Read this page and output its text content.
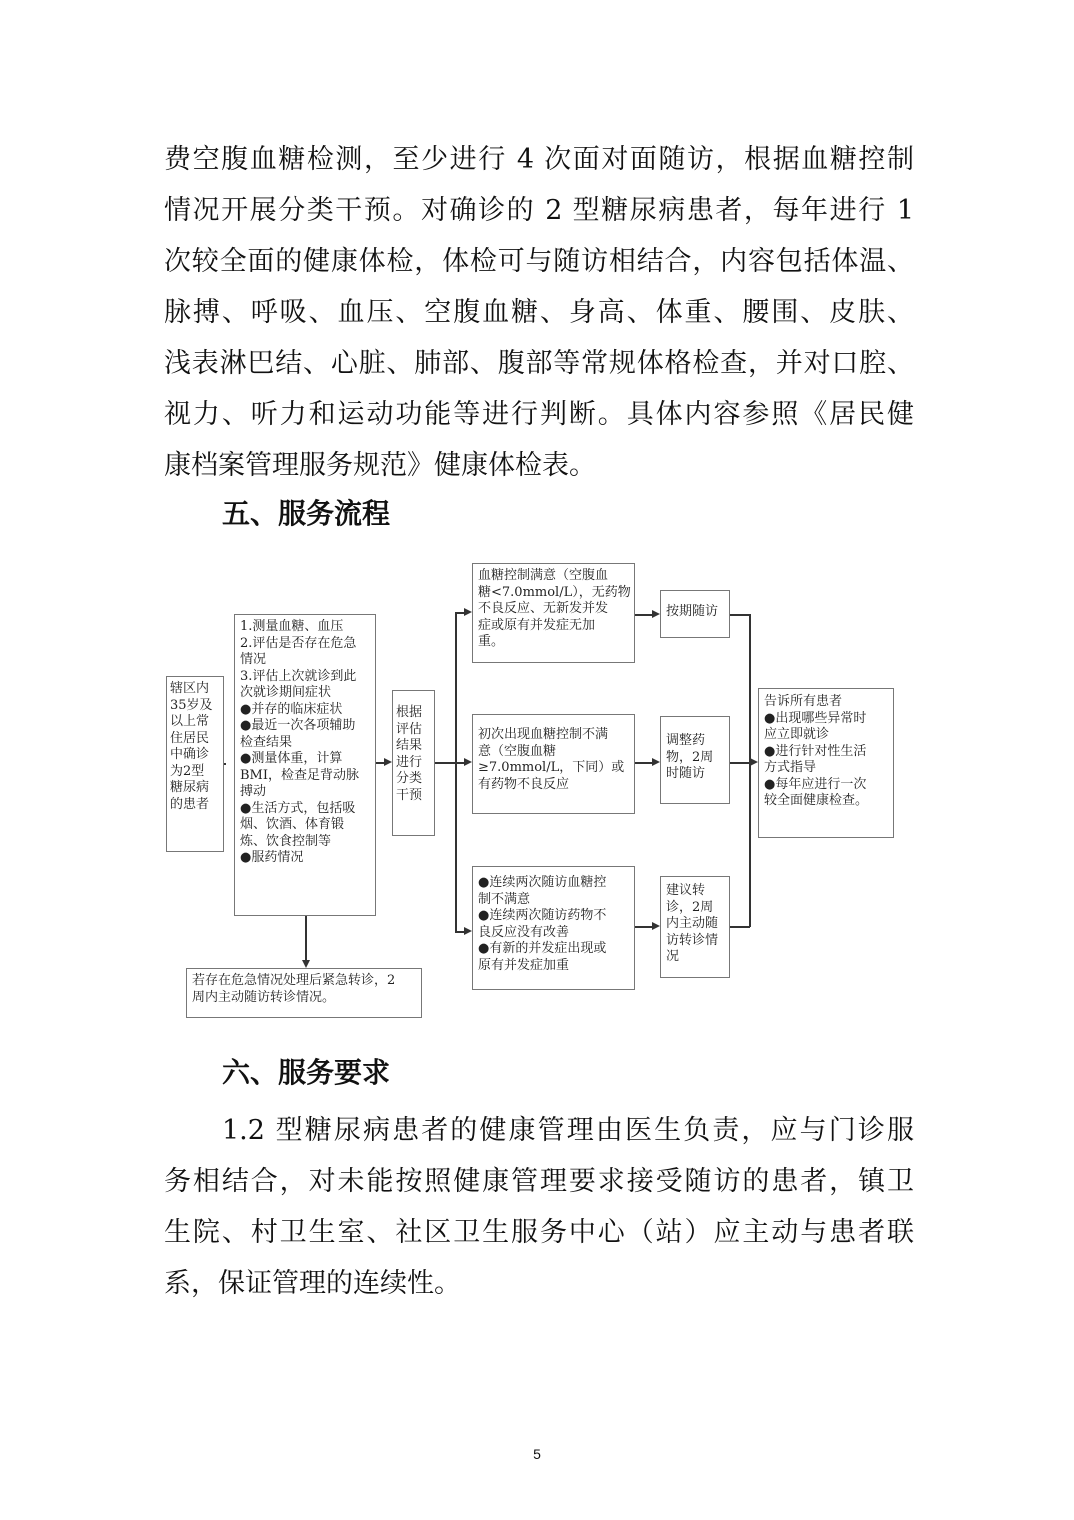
费空腹血糖检测，至少进行 4 次面对面随访，根据血糖控制
情况开展分类干预。对确诊的 2 型糖尿病患者，每年进行 1
次较全面的健康体检，体检可与随访相结合，内容包括体温、
脉搏、呼吸、血压、空腹血糖、身高、体重、腰围、皮肤、
浅表淋巴结、心脏、肺部、腹部等常规体格检查，并对口腔、
视力、听力和运动功能等进行判断。具体内容参照《居民健
康档案管理服务规范》健康体检表。
五、服务流程
辖区内
35岁及
以上常
住居民
中确诊
为2型
糖尿病
的患者
1.测量血糖、血压
2.评估是否存在危急
情况
3.评估上次就诊到此
次就诊期间症状
●并存的临床症状
●最近一次各项辅助
检查结果
●测量体重，计算
BMI，检查足背动脉
搏动
●生活方式，包括吸
烟、饮酒、体育锻
炼、饮食控制等
●服药情况
若存在危急情况处理后紧急转诊，2
周内主动随访转诊情况。
根据
评估
结果
进行
分类
干预
血糖控制满意（空腹血
糖<7.0mmol/L），无药物
不良反应、无新发并发
症或原有并发症无加
重。
初次出现血糖控制不满
意（空腹血糖
≥7.0mmol/L，下同）或
有药物不良反应
●连续两次随访血糖控
制不满意
●连续两次随访药物不
良反应没有改善
●有新的并发症出现或
原有并发症加重
按期随访
调整药
物，2周
时随访
建议转
诊，2周
内主动随
访转诊情
况
告诉所有患者
●出现哪些异常时
应立即就诊
●进行针对性生活
方式指导
●每年应进行一次
较全面健康检查。
六、服务要求
1.2 型糖尿病患者的健康管理由医生负责，应与门诊服
务相结合，对未能按照健康管理要求接受随访的患者，镇卫
生院、村卫生室、社区卫生服务中心（站）应主动与患者联
系，保证管理的连续性。
5
